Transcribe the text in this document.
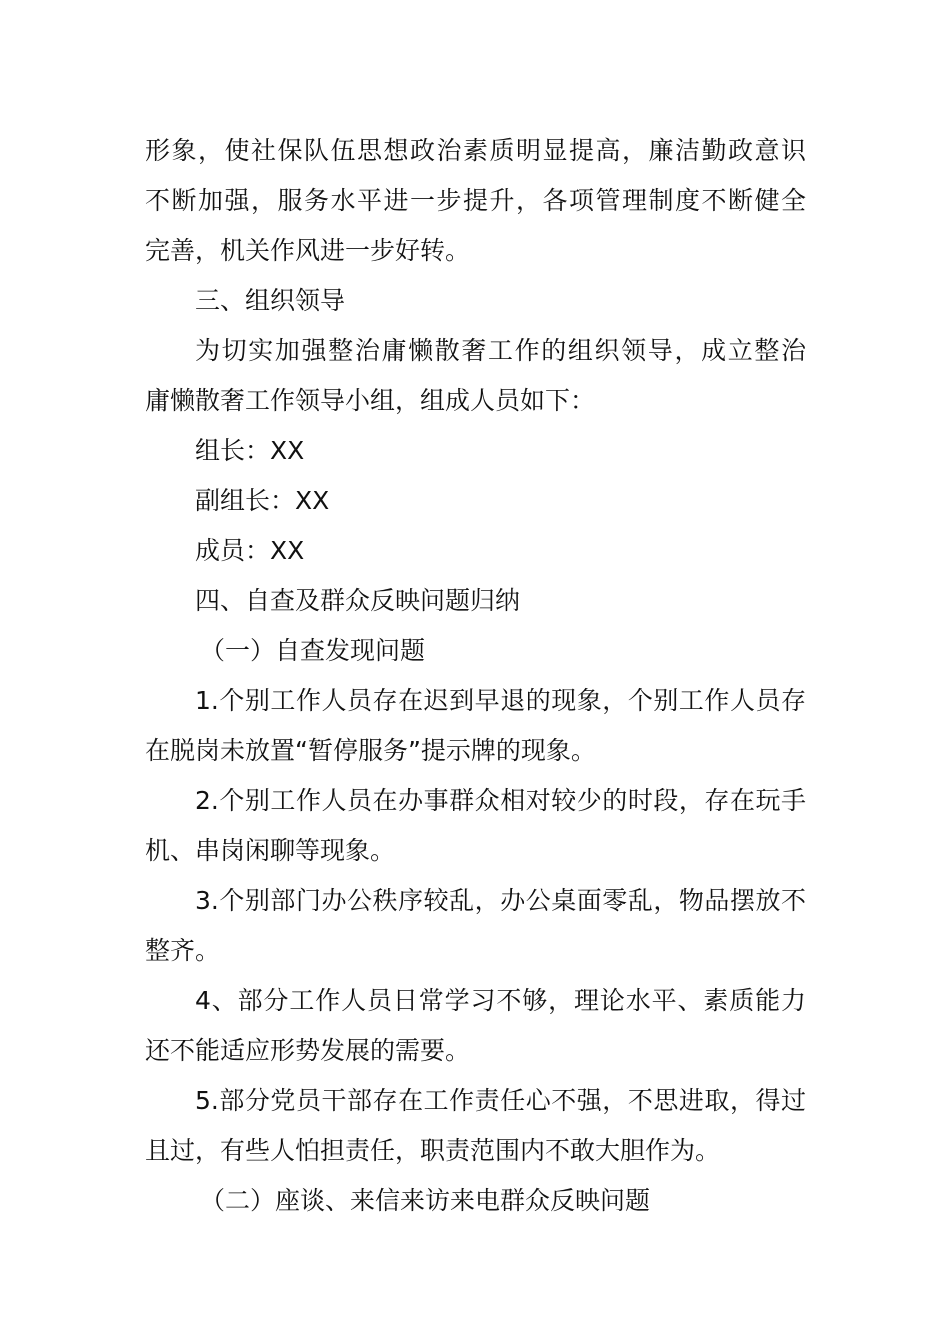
形象，使社保队伍思想政治素质明显提高，廉洁勤政意识

不断加强，服务水平进一步提升，各项管理制度不断健全

完善，机关作风进一步好转。

三、组织领导

为切实加强整治庸懒散奢工作的组织领导，成立整治

庸懒散奢工作领导小组，组成人员如下：

组长：XX

副组长：XX

成员：XX

四、自查及群众反映问题归纳

（一）自查发现问题

1.个别工作人员存在迟到早退的现象，个别工作人员存

在脱岗未放置“暂停服务”提示牌的现象。

2.个别工作人员在办事群众相对较少的时段，存在玩手

机、串岗闲聊等现象。

3.个别部门办公秩序较乱，办公桌面零乱，物品摆放不

整齐。

4、部分工作人员日常学习不够，理论水平、素质能力

还不能适应形势发展的需要。

5.部分党员干部存在工作责任心不强，不思进取，得过

且过，有些人怕担责任，职责范围内不敢大胆作为。

（二）座谈、来信来访来电群众反映问题
